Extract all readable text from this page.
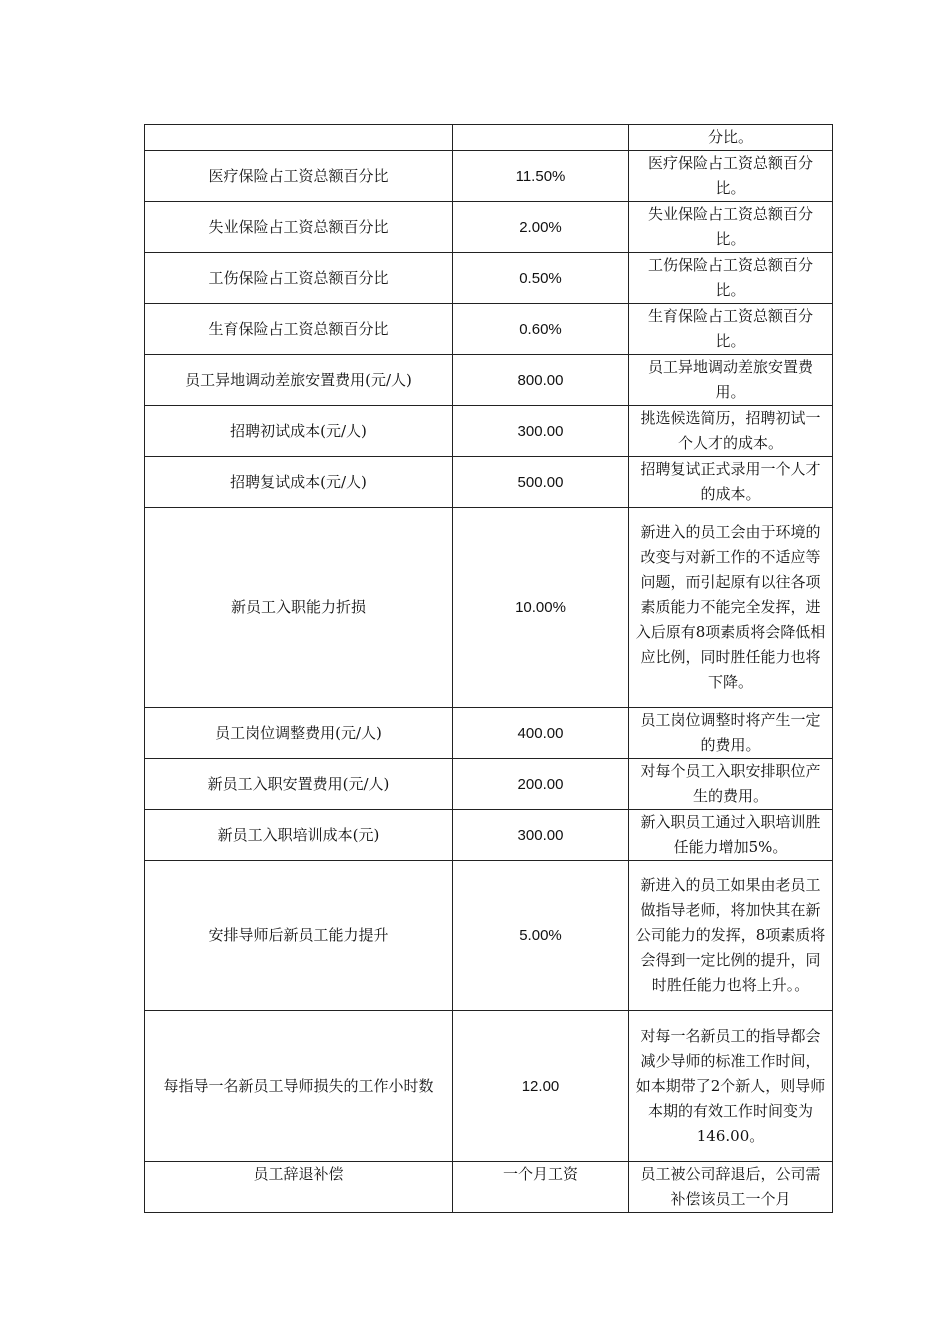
		分比。
医疗保险占工资总额百分比	11.50%	医疗保险占工资总额百分比。
失业保险占工资总额百分比	2.00%	失业保险占工资总额百分比。
工伤保险占工资总额百分比	0.50%	工伤保险占工资总额百分比。
生育保险占工资总额百分比	0.60%	生育保险占工资总额百分比。
员工异地调动差旅安置费用(元/人)	800.00	员工异地调动差旅安置费用。
招聘初试成本(元/人)	300.00	挑选候选简历，招聘初试一个人才的成本。
招聘复试成本(元/人)	500.00	招聘复试正式录用一个人才的成本。
新员工入职能力折损	10.00%	新进入的员工会由于环境的改变与对新工作的不适应等问题，而引起原有以往各项素质能力不能完全发挥，进入后原有8项素质将会降低相应比例，同时胜任能力也将下降。
员工岗位调整费用(元/人)	400.00	员工岗位调整时将产生一定的费用。
新员工入职安置费用(元/人)	200.00	对每个员工入职安排职位产生的费用。
新员工入职培训成本(元)	300.00	新入职员工通过入职培训胜任能力增加5%。
安排导师后新员工能力提升	5.00%	新进入的员工如果由老员工做指导老师，将加快其在新公司能力的发挥，8项素质将会得到一定比例的提升，同时胜任能力也将上升。。
每指导一名新员工导师损失的工作小时数	12.00	对每一名新员工的指导都会减少导师的标准工作时间，如本期带了2个新人，则导师本期的有效工作时间变为146.00。
员工辞退补偿	一个月工资	员工被公司辞退后，公司需补偿该员工一个月
